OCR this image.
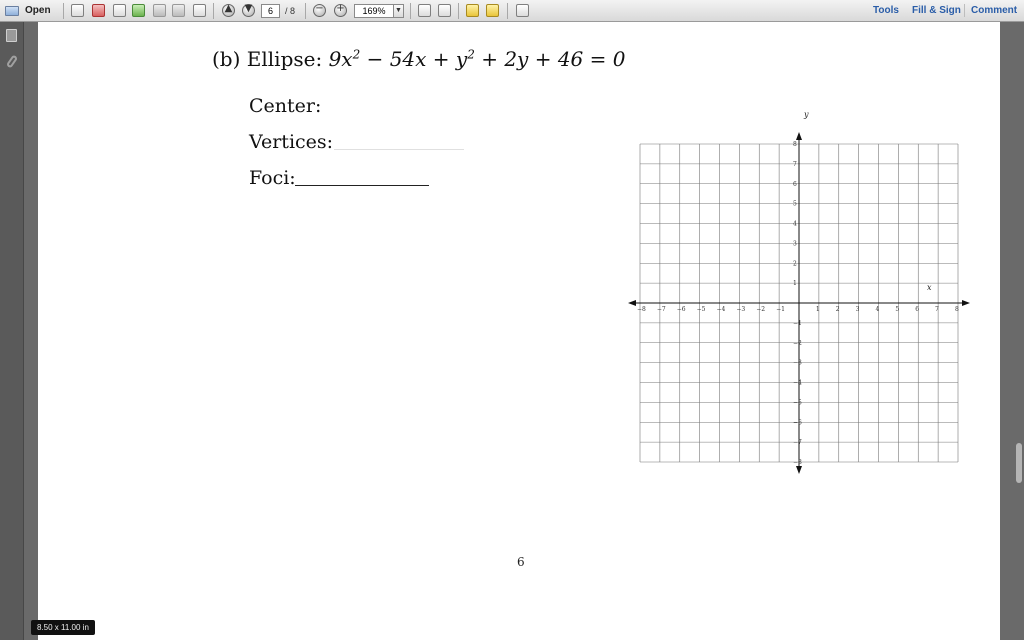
Open	▲ ▼	6	/ 8 − +	169%	▼	Tools Fill & Sign Comment
(b) Ellipse: $9x^2 - 54x + y^2 + 2y + 46 = 0$
Center:
Vertices:
Foci:
−8
−8
−7
−7
−6
−6
−5
−5
−4
−4
−3
−3
−2
−2
−1
−1
1
1
2
2
3
3
4
4
5
5
6
6
7
7
8
8
x
y
6
8.50 x 11.00 in
